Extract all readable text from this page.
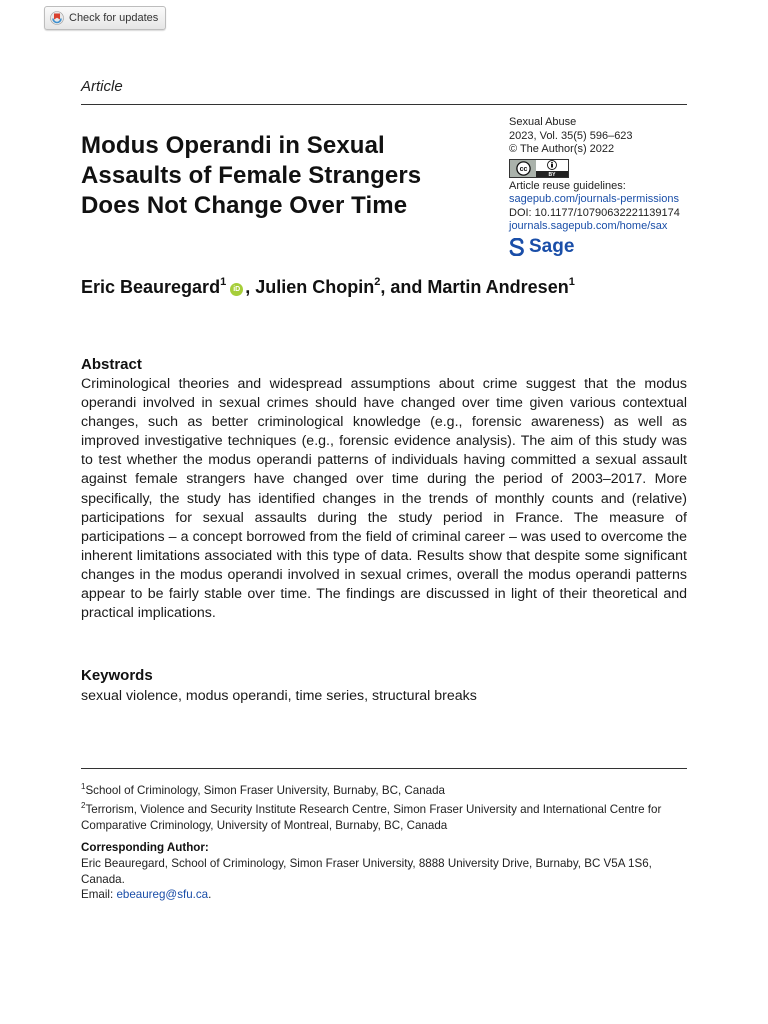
Check for updates
Article
Modus Operandi in Sexual
Assaults of Female Strangers
Does Not Change Over Time
Sexual Abuse
2023, Vol. 35(5) 596–623
© The Author(s) 2022
cc
BY
Article reuse guidelines:
sagepub.com/journals-permissions
DOI: 10.1177/10790632221139174
journals.sagepub.com/home/sax
Sage
Eric Beauregard$^1$iD , Julien Chopin$^2$, and Martin Andresen$^1$
Abstract
Criminological theories and widespread assumptions about crime suggest that the modus operandi involved in sexual crimes should have changed over time given various contextual changes, such as better criminological knowledge (e.g., forensic awareness) as well as improved investigative techniques (e.g., forensic evidence analysis). The aim of this study was to test whether the modus operandi patterns of individuals having committed a sexual assault against female strangers have changed over time during the period of 2003–2017. More specifically, the study has identified changes in the trends of monthly counts and (relative) participations for sexual assaults during the study period in France. The measure of participations – a concept borrowed from the field of criminal career – was used to overcome the inherent limitations associated with this type of data. Results show that despite some significant changes in the modus operandi involved in sexual crimes, overall the modus operandi patterns appear to be fairly stable over time. The findings are discussed in light of their theoretical and practical implications.
Keywords
sexual violence, modus operandi, time series, structural breaks
$^1$School of Criminology, Simon Fraser University, Burnaby, BC, Canada
$^2$Terrorism, Violence and Security Institute Research Centre, Simon Fraser University and International Centre for Comparative Criminology, University of Montreal, Burnaby, BC, Canada
Corresponding Author:
Eric Beauregard, School of Criminology, Simon Fraser University, 8888 University Drive, Burnaby, BC V5A 1S6, Canada.
Email: ebeaureg@sfu.ca.
